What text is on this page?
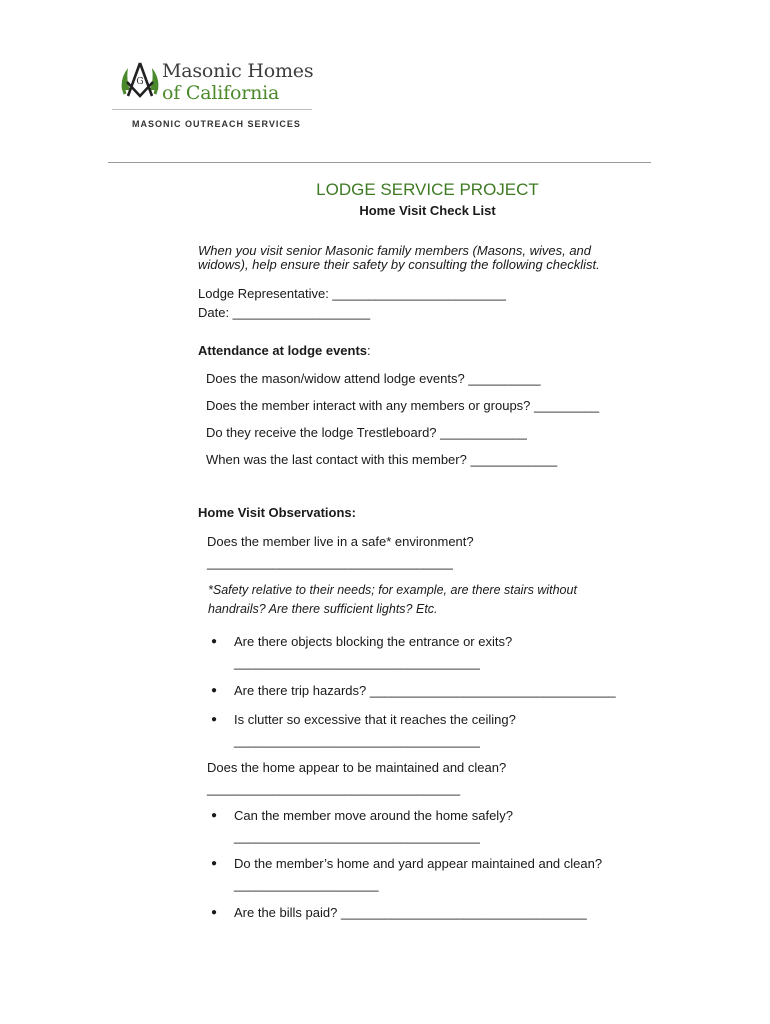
G Masonic Homes
of California
MASONIC OUTREACH SERVICES
LODGE SERVICE PROJECT
Home Visit Check List
When you visit senior Masonic family members (Masons, wives, and
widows), help ensure their safety by consulting the following checklist.
Lodge Representative: ________________________
Date: ___________________
Attendance at lodge events:
Does the mason/widow attend lodge events? __________
Does the member interact with any members or groups? _________
Do they receive the lodge Trestleboard? ____________
When was the last contact with this member? ____________
Home Visit Observations:
Does the member live in a safe* environment?
__________________________________
*Safety relative to their needs; for example, are there stairs without
handrails? Are there sufficient lights? Etc.
● Are there objects blocking the entrance or exits?
__________________________________
● Are there trip hazards? __________________________________
● Is clutter so excessive that it reaches the ceiling?
__________________________________
Does the home appear to be maintained and clean?
___________________________________
● Can the member move around the home safely?
__________________________________
● Do the member’s home and yard appear maintained and clean?
____________________
● Are the bills paid? __________________________________
